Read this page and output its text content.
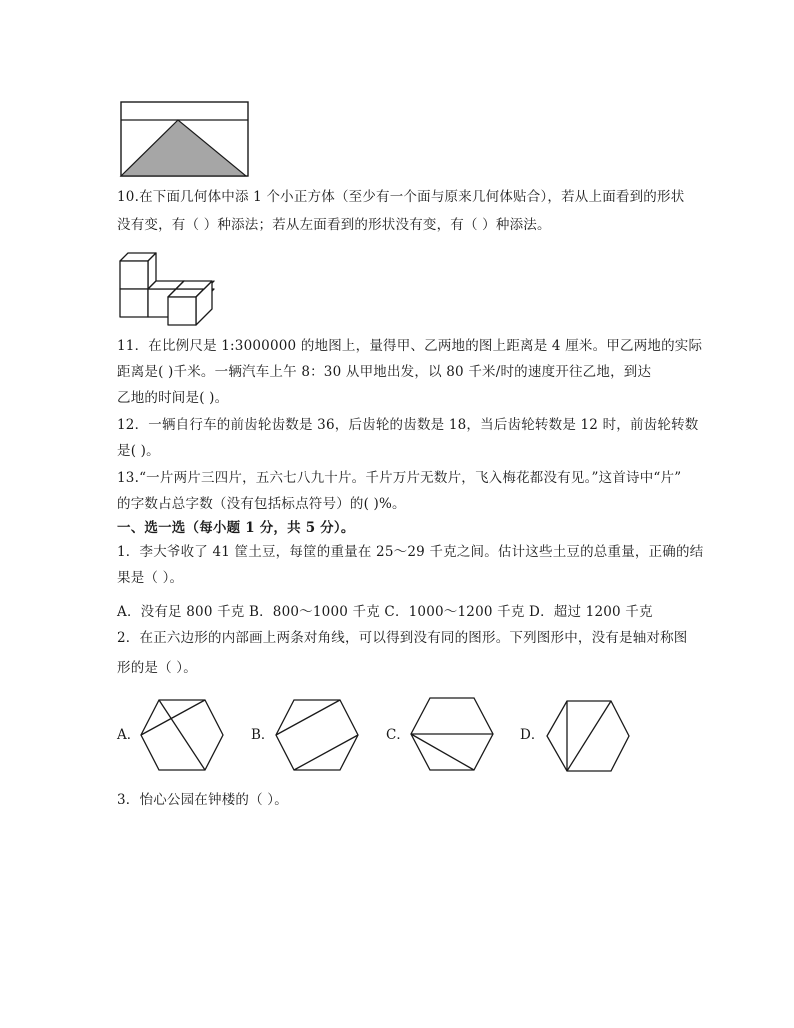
10.在下面几何体中添 1 个小正方体（至少有一个面与原来几何体贴合），若从上面看到的形状
没有变，有（ ）种添法；若从左面看到的形状没有变，有（ ）种添法。
11．在比例尺是 1:3000000 的地图上，量得甲、乙两地的图上距离是 4 厘米。甲乙两地的实际
距离是( )千米。一辆汽车上午 8：30 从甲地出发，以 80 千米/时的速度开往乙地，到达
乙地的时间是( )。
12．一辆自行车的前齿轮齿数是 36，后齿轮的齿数是 18，当后齿轮转数是 12 时，前齿轮转数
是( )。
13.“一片两片三四片，五六七八九十片。千片万片无数片，飞入梅花都没有见。”这首诗中“片”
的字数占总字数（没有包括标点符号）的( )%。
一、选一选（每小题 1 分，共 5 分）。
1．李大爷收了 41 筐土豆，每筐的重量在 25～29 千克之间。估计这些土豆的总重量，正确的结
果是（ ）。
A．没有足 800 千克 B．800～1000 千克 C．1000～1200 千克 D．超过 1200 千克
2．在正六边形的内部画上两条对角线，可以得到没有同的图形。下列图形中，没有是轴对称图
形的是（ ）。
A．	B．	C．	D．
3．怡心公园在钟楼的（ ）。
